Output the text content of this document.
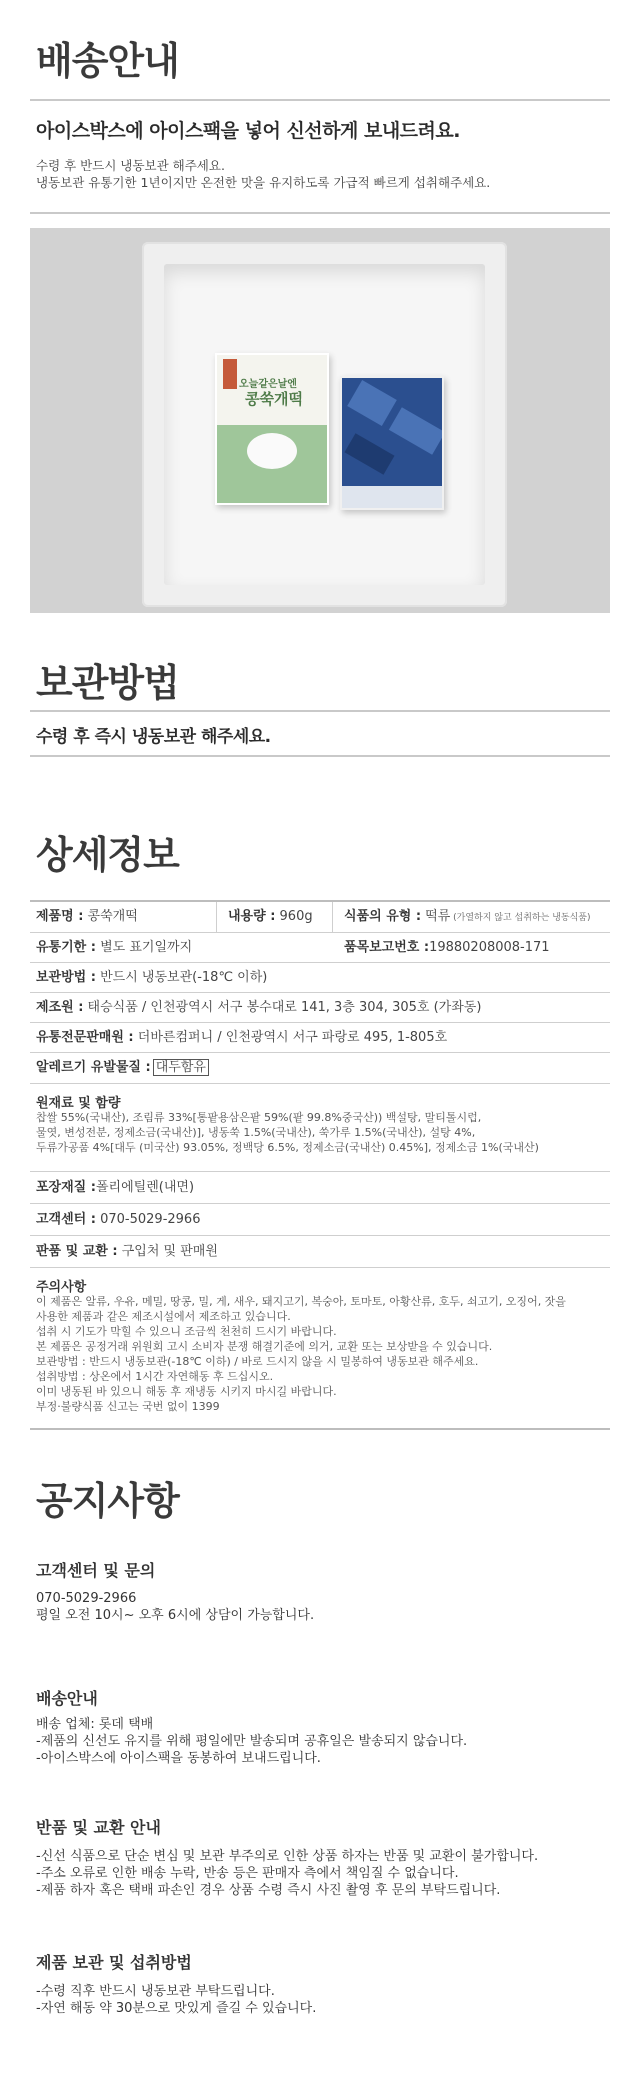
배송안내
아이스박스에 아이스팩을 넣어 신선하게 보내드려요.
수령 후 반드시 냉동보관 해주세요.
냉동보관 유통기한 1년이지만 온전한 맛을 유지하도록 가급적 빠르게 섭취해주세요.
오늘같은날엔
콩쑥개떡
보관방법
수령 후 즉시 냉동보관 해주세요.
상세정보
제품명 : 콩쑥개떡	내용량 : 960g 식품의 유형 : 떡류 (가열하지 않고 섭취하는 냉동식품)
유통기한 : 별도 표기일까지	품목보고번호 :19880208008-171
보관방법 : 반드시 냉동보관(-18℃ 이하)
제조원 : 태승식품 / 인천광역시 서구 봉수대로 141, 3층 304, 305호 (가좌동)
유통전문판매원 : 더바른컴퍼니 / 인천광역시 서구 파랑로 495, 1-805호
알레르기 유발물질 : 대두함유
원재료 및 함량
찹쌀 55%(국내산), 조림류 33%[통팥용삼은팥 59%(팥 99.8%중국산)) 백설탕, 말티톨시럽,
물엿, 변성전분, 정제소금(국내산)], 냉동쑥 1.5%(국내산), 쑥가루 1.5%(국내산), 설탕 4%,
두류가공품 4%[대두 (미국산) 93.05%, 정백당 6.5%, 정제소금(국내산) 0.45%], 정제소금 1%(국내산)
포장재질 :폴리에틸렌(내면)
고객센터 : 070-5029-2966
판품 및 교환 : 구입처 및 판매원
주의사항
이 제품은 알류, 우유, 메밀, 땅콩, 밀, 게, 새우, 돼지고기, 복숭아, 토마토, 아황산류, 호두, 쇠고기, 오징어, 잣을
사용한 제품과 같은 제조시설에서 제조하고 있습니다.
섭취 시 기도가 막힐 수 있으니 조금씩 천천히 드시기 바랍니다.
본 제품은 공정거래 위원회 고시 소비자 분쟁 해결기준에 의거, 교환 또는 보상받을 수 있습니다.
보관방법 : 반드시 냉동보관(-18℃ 이하) / 바로 드시지 않을 시 밀봉하여 냉동보관 해주세요.
섭취방법 : 상온에서 1시간 자연해동 후 드십시오.
이미 냉동된 바 있으니 해동 후 재냉동 시키지 마시길 바랍니다.
부정·불량식품 신고는 국번 없이 1399
공지사항
고객센터 및 문의
070-5029-2966
평일 오전 10시~ 오후 6시에 상담이 가능합니다.
배송안내
배송 업체: 롯데 택배
-제품의 신선도 유지를 위해 평일에만 발송되며 공휴일은 발송되지 않습니다.
-아이스박스에 아이스팩을 동봉하여 보내드립니다.
반품 및 교환 안내
-신선 식품으로 단순 변심 및 보관 부주의로 인한 상품 하자는 반품 및 교환이 불가합니다.
-주소 오류로 인한 배송 누락, 반송 등은 판매자 측에서 책임질 수 없습니다.
-제품 하자 혹은 택배 파손인 경우 상품 수령 즉시 사진 촬영 후 문의 부탁드립니다.
제품 보관 및 섭취방법
-수령 직후 반드시 냉동보관 부탁드립니다.
-자연 해동 약 30분으로 맛있게 즐길 수 있습니다.
